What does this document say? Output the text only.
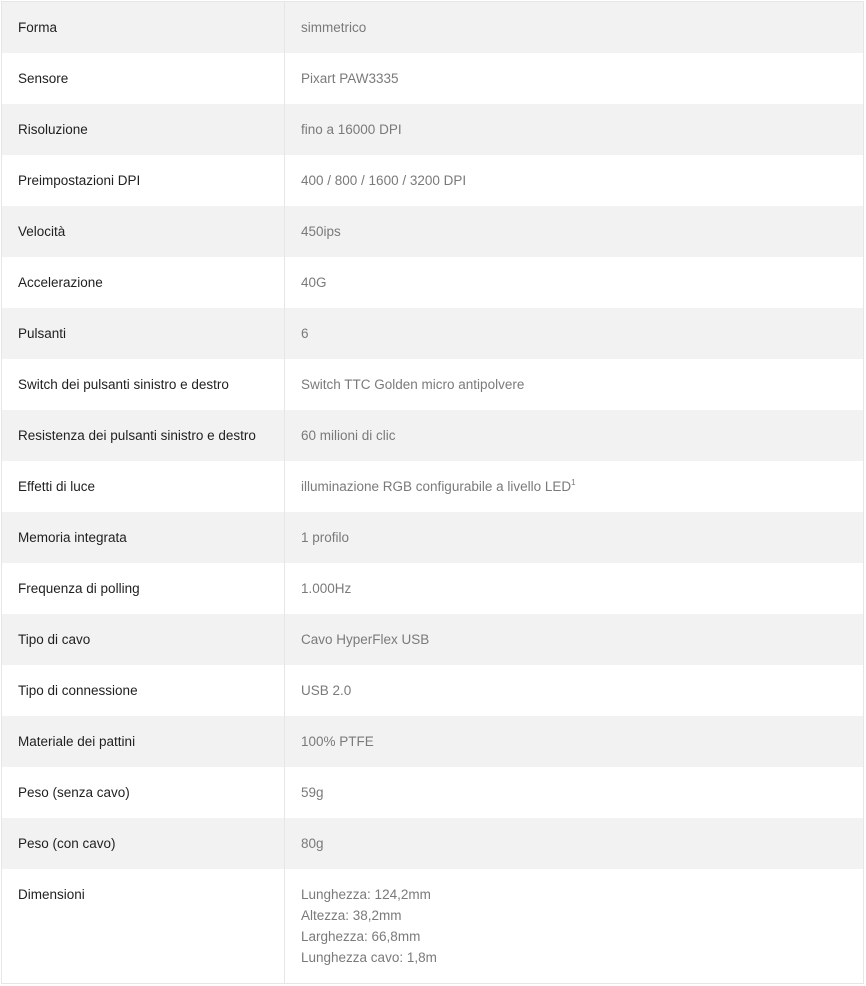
Forma	simmetrico
Sensore	Pixart PAW3335
Risoluzione	fino a 16000 DPI
Preimpostazioni DPI	400 / 800 / 1600 / 3200 DPI
Velocità	450ips
Accelerazione	40G
Pulsanti	6
Switch dei pulsanti sinistro e destro	Switch TTC Golden micro antipolvere
Resistenza dei pulsanti sinistro e destro	60 milioni di clic
Effetti di luce	illuminazione RGB configurabile a livello LED$^1$
Memoria integrata	1 profilo
Frequenza di polling	1.000Hz
Tipo di cavo	Cavo HyperFlex USB
Tipo di connessione	USB 2.0
Materiale dei pattini	100% PTFE
Peso (senza cavo)	59g
Peso (con cavo)	80g
Dimensioni	Lunghezza: 124,2mm
Altezza: 38,2mm
Larghezza: 66,8mm
Lunghezza cavo: 1,8m
